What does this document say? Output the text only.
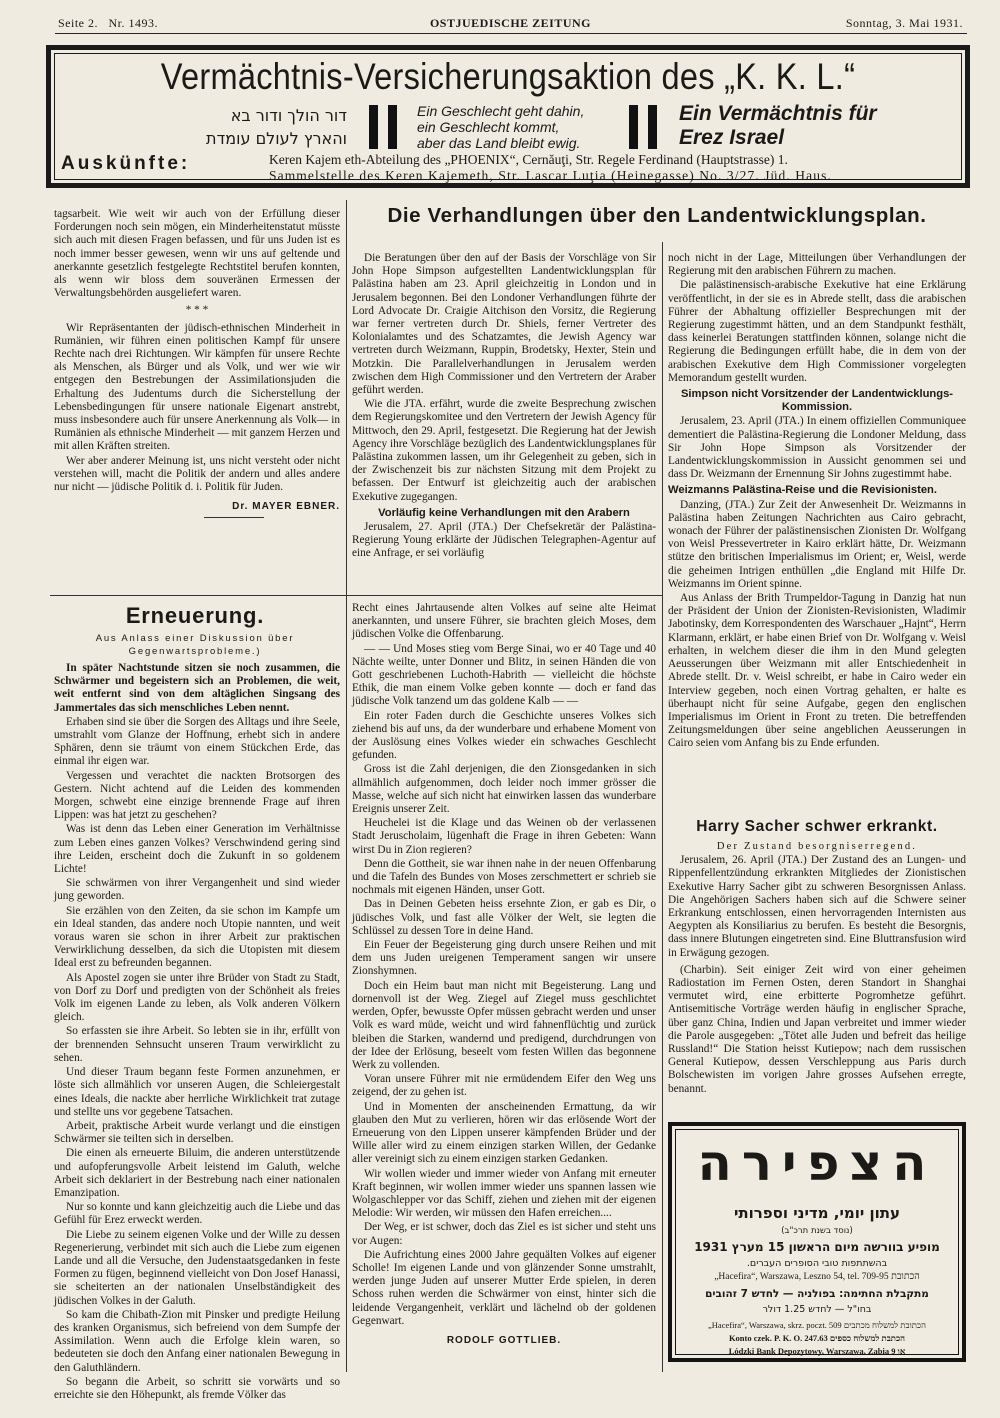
Seite 2. Nr. 1493.	OSTJUEDISCHE ZEITUNG	Sonntag, 3. Mai 1931.
Vermächtnis-Versicherungsaktion des „K. K. L.“
דור הולך ודור בא
והארץ לעולם עומדת
Ein Geschlecht geht dahin,
ein Geschlecht kommt,
aber das Land bleibt ewig.
Ein Vermächtnis für
Erez Israel
Auskünfte:	Keren Kajem eth-Abteilung des „PHOENIX“, Cernăuţi, Str. Regele Ferdinand (Hauptstrasse) 1.
Sammelstelle des Keren Kajemeth, Str. Lascar Luţia (Heinegasse) No. 3/27. Jüd. Haus.

tagsarbeit. Wie weit wir auch von der Erfüllung dieser Forderungen noch sein mögen, ein Minderheitenstatut müsste sich auch mit diesen Fragen befassen, und für uns Juden ist es noch immer besser gewesen, wenn wir uns auf geltende und anerkannte gesetzlich festgelegte Rechtstitel berufen konnten, als wenn wir bloss dem souveränen Ermessen der Verwaltungsbehörden ausgeliefert waren.

* * *

Wir Repräsentanten der jüdisch-ethnischen Minderheit in Rumänien, wir führen einen politischen Kampf für unsere Rechte nach drei Richtungen. Wir kämpfen für unsere Rechte als Menschen, als Bürger und als Volk, und wer wie wir entgegen den Bestrebungen der Assimilationsjuden die Erhaltung des Judentums durch die Sicherstellung der Lebensbedingungen für unsere nationale Eigenart anstrebt, muss insbesondere auch für unsere Anerkennung als Volk— in Rumänien als ethnische Minderheit — mit ganzem Herzen und mit allen Kräften streiten.

Wer aber anderer Meinung ist, uns nicht versteht oder nicht verstehen will, macht die Politik der andern und alles andere nur nicht — jüdische Politik d. i. Politik für Juden.

Dr. MAYER EBNER.
Die Verhandlungen über den Landentwicklungsplan.

Die Beratungen über den auf der Basis der Vorschläge von Sir John Hope Simpson aufgestellten Landentwicklungsplan für Palästina haben am 23. April gleichzeitig in London und in Jerusalem begonnen. Bei den Londoner Verhandlungen führte der Lord Advocate Dr. Craigie Aitchison den Vorsitz, die Regierung war ferner vertreten durch Dr. Shiels, ferner Vertreter des Kolonialamtes und des Schatzamtes, die Jewish Agency war vertreten durch Weizmann, Ruppin, Brodetsky, Hexter, Stein und Motzkin. Die Parallelverhandlungen in Jerusalem werden zwischen dem High Commissioner und den Vertretern der Araber geführt werden.

Wie die JTA. erfährt, wurde die zweite Besprechung zwischen dem Regierungskomitee und den Vertretern der Jewish Agency für Mittwoch, den 29. April, festgesetzt. Die Regierung hat der Jewish Agency ihre Vorschläge bezüglich des Landentwicklungsplanes für Palästina zukommen lassen, um ihr Gelegenheit zu geben, sich in der Zwischenzeit bis zur nächsten Sitzung mit dem Projekt zu befassen. Der Entwurf ist gleichzeitig auch der arabischen Exekutive zugegangen.

Vorläufig keine Verhandlungen mit den Arabern

Jerusalem, 27. April (JTA.) Der Chefsekretär der Palästina-Regierung Young erklärte der Jüdischen Telegraphen-Agentur auf eine Anfrage, er sei vorläufig

noch nicht in der Lage, Mitteilungen über Verhandlungen der Regierung mit den arabischen Führern zu machen.

Die palästinensisch-arabische Exekutive hat eine Erklärung veröffentlicht, in der sie es in Abrede stellt, dass die arabischen Führer der Abhaltung offizieller Besprechungen mit der Regierung zugestimmt hätten, und an dem Standpunkt festhält, dass keinerlei Beratungen stattfinden können, solange nicht die Regierung die Bedingungen erfüllt habe, die in dem von der arabischen Exekutive dem High Commissioner vorgelegten Memorandum gestellt wurden.

Simpson nicht Vorsitzender der Landentwicklungs-Kommission.

Jerusalem, 23. April (JTA.) In einem offiziellen Communiquee dementiert die Palästina-Regierung die Londoner Meldung, dass Sir John Hope Simpson als Vorsitzender der Landentwicklungskommission in Aussicht genommen sei und dass Dr. Weizmann der Ernennung Sir Johns zugestimmt habe.

Weizmanns Palästina-Reise und die Revisionisten.

Danzing, (JTA.) Zur Zeit der Anwesenheit Dr. Weizmanns in Palästina haben Zeitungen Nachrichten aus Cairo gebracht, wonach der Führer der palästinensischen Zionisten Dr. Wolfgang von Weisl Pressevertreter in Kairo erklärt hätte, Dr. Weizmann stütze den britischen Imperialismus im Orient; er, Weisl, werde die geheimen Intrigen enthüllen „die England mit Hilfe Dr. Weizmanns im Orient spinne.

Aus Anlass der Brith Trumpeldor-Tagung in Danzig hat nun der Präsident der Union der Zionisten-Revisionisten, Wladimir Jabotinsky, dem Korrespondenten des Warschauer „Hajnt“, Herrn Klarmann, erklärt, er habe einen Brief von Dr. Wolfgang v. Weisl erhalten, in welchem dieser die ihm in den Mund gelegten Aeusserungen über Weizmann mit aller Entschiedenheit in Abrede stellt. Dr. v. Weisl schreibt, er habe in Cairo weder ein Interview gegeben, noch einen Vortrag gehalten, er halte es überhaupt nicht für seine Aufgabe, gegen den englischen Imperialismus im Orient in Front zu treten. Die betreffenden Zeitungsmeldungen über seine angeblichen Aeusserungen in Cairo seien vom Anfang bis zu Ende erfunden.

Harry Sacher schwer erkrankt.

Der Zustand besorgniserregend.

Jerusalem, 26. April (JTA.) Der Zustand des an Lungen- und Rippenfellentzündung erkrankten Mitgliedes der Zionistischen Exekutive Harry Sacher gibt zu schweren Besorgnissen Anlass. Die Angehörigen Sachers haben sich auf die Schwere seiner Erkrankung entschlossen, einen hervorragenden Internisten aus Aegypten als Konsiliarius zu berufen. Es besteht die Besorgnis, dass innere Blutungen eingetreten sind. Eine Bluttransfusion wird in Erwägung gezogen.

(Charbin). Seit einiger Zeit wird von einer geheimen Radiostation im Fernen Osten, deren Standort in Shanghai vermutet wird, eine erbitterte Pogromhetze geführt. Antisemitische Vorträge werden häufig in englischer Sprache, über ganz China, Indien und Japan verbreitet und immer wieder die Parole ausgegeben: „Tötet alle Juden und befreit das heilige Russland!“ Die Station heisst Kutiepow; nach dem russischen General Kutiepow, dessen Verschleppung aus Paris durch Bolschewisten im vorigen Jahre grosses Aufsehen erregte, benannt.

Erneuerung.
Aus Anlass einer Diskussion über Gegenwartsprobleme.)

In später Nachtstunde sitzen sie noch zusammen, die Schwärmer und begeistern sich an Problemen, die weit, weit entfernt sind von dem altäglichen Singsang des Jammertales das sich menschliches Leben nennt.

Erhaben sind sie über die Sorgen des Alltags und ihre Seele, umstrahlt vom Glanze der Hoffnung, erhebt sich in andere Sphären, denn sie träumt von einem Stückchen Erde, das einmal ihr eigen war.

Vergessen und verachtet die nackten Brotsorgen des Gestern. Nicht achtend auf die Leiden des kommenden Morgen, schwebt eine einzige brennende Frage auf ihren Lippen: was hat jetzt zu geschehen?

Was ist denn das Leben einer Generation im Verhältnisse zum Leben eines ganzen Volkes? Verschwindend gering sind ihre Leiden, erscheint doch die Zukunft in so goldenem Lichte!

Sie schwärmen von ihrer Vergangenheit und sind wieder jung geworden.

Sie erzählen von den Zeiten, da sie schon im Kampfe um ein Ideal standen, das andere noch Utopie nannten, und weit voraus waren sie schon in ihrer Arbeit zur praktischen Verwirklichung desselben, da sich die Utopisten mit diesem Ideal erst zu befreunden begannen.

Als Apostel zogen sie unter ihre Brüder von Stadt zu Stadt, von Dorf zu Dorf und predigten von der Schönheit als freies Volk im eigenen Lande zu leben, als Volk anderen Völkern gleich.

So erfassten sie ihre Arbeit. So lebten sie in ihr, erfüllt von der brennenden Sehnsucht unseren Traum verwirklicht zu sehen.

Und dieser Traum begann feste Formen anzunehmen, er löste sich allmählich vor unseren Augen, die Schleiergestalt eines Ideals, die nackte aber herrliche Wirklichkeit trat zutage und stellte uns vor gegebene Tatsachen.

Arbeit, praktische Arbeit wurde verlangt und die einstigen Schwärmer sie teilten sich in derselben.

Die einen als erneuerte Biluim, die anderen unterstützende und aufopferungsvolle Arbeit leistend im Galuth, welche Arbeit sich deklariert in der Bestrebung nach einer nationalen Emanzipation.

Nur so konnte und kann gleichzeitig auch die Liebe und das Gefühl für Erez erweckt werden.

Die Liebe zu seinem eigenen Volke und der Wille zu dessen Regenerierung, verbindet mit sich auch die Liebe zum eigenen Lande und all die Versuche, den Judenstaatsgedanken in feste Formen zu fügen, beginnend vielleicht von Don Josef Hanassi, sie scheiterten an der nationalen Unselbständigkeit des jüdischen Volkes in der Galuth.

So kam die Chibath-Zion mit Pinsker und predigte Heilung des kranken Organismus, sich befreiend von dem Sumpfe der Assimilation. Wenn auch die Erfolge klein waren, so bedeuteten sie doch den Anfang einer nationalen Bewegung in den Galuthländern.

So begann die Arbeit, so schritt sie vorwärts und so erreichte sie den Höhepunkt, als fremde Völker das

Recht eines Jahrtausende alten Volkes auf seine alte Heimat anerkannten, und unsere Führer, sie brachten gleich Moses, dem jüdischen Volke die Offenbarung.

— — Und Moses stieg vom Berge Sinai, wo er 40 Tage und 40 Nächte weilte, unter Donner und Blitz, in seinen Händen die von Gott geschriebenen Luchoth-Habrith — vielleicht die höchste Ethik, die man einem Volke geben konnte — doch er fand das jüdische Volk tanzend um das goldene Kalb — —

Ein roter Faden durch die Geschichte unseres Volkes sich ziehend bis auf uns, da der wunderbare und erhabene Moment von der Auslösung eines Volkes wieder ein schwaches Geschlecht gefunden.

Gross ist die Zahl derjenigen, die den Zionsgedanken in sich allmählich aufgenommen, doch leider noch immer grösser die Masse, welche auf sich nicht hat einwirken lassen das wunderbare Ereignis unserer Zeit.

Heuchelei ist die Klage und das Weinen ob der verlassenen Stadt Jeruscholaim, lügenhaft die Frage in ihren Gebeten: Wann wirst Du in Zion regieren?

Denn die Gottheit, sie war ihnen nahe in der neuen Offenbarung und die Tafeln des Bundes von Moses zerschmettert er schrieb sie nochmals mit eigenen Händen, unser Gott.

Das in Deinen Gebeten heiss ersehnte Zion, er gab es Dir, o jüdisches Volk, und fast alle Völker der Welt, sie legten die Schlüssel zu dessen Tore in deine Hand.

Ein Feuer der Begeisterung ging durch unsere Reihen und mit dem uns Juden ureigenen Temperament sangen wir unsere Zionshymnen.

Doch ein Heim baut man nicht mit Begeisterung. Lang und dornenvoll ist der Weg. Ziegel auf Ziegel muss geschlichtet werden, Opfer, bewusste Opfer müssen gebracht werden und unser Volk es ward müde, weicht und wird fahnenflüchtig und zurück bleiben die Starken, wandernd und predigend, durchdrungen von der Idee der Erlösung, beseelt vom festen Willen das begonnene Werk zu vollenden.

Voran unsere Führer mit nie ermüdendem Eifer den Weg uns zeigend, der zu gehen ist.

Und in Momenten der anscheinenden Ermattung, da wir glauben den Mut zu verlieren, hören wir das erlösende Wort der Erneuerung von den Lippen unserer kämpfenden Brüder und der Wille aller wird zu einem einzigen starken Willen, der Gedanke aller vereinigt sich zu einem einzigen starken Gedanken.

Wir wollen wieder und immer wieder von Anfang mit erneuter Kraft beginnen, wir wollen immer wieder uns spannen lassen wie Wolgaschlepper vor das Schiff, ziehen und ziehen mit der eigenen Melodie: Wir werden, wir müssen den Hafen erreichen....

Der Weg, er ist schwer, doch das Ziel es ist sicher und steht uns vor Augen:

Die Aufrichtung eines 2000 Jahre gequälten Volkes auf eigener Scholle! Im eigenen Lande und von glänzender Sonne umstrahlt, werden junge Juden auf unserer Mutter Erde spielen, in deren Schoss ruhen werden die Schwärmer von einst, hinter sich die leidende Vergangenheit, verklärt und lächelnd ob der goldenen Gegenwart.

RODOLF GOTTLIEB.
הצפירה
עתון יומי, מדיני וספרותי
(נוסד בשנת תרכ"ב)
מופיע בוורשה מיום הראשון 15 מערץ 1931
בהשתתפות טובי הסופרים העברים.
„Hacefira“, Warszawa, Leszno 54, tel. 709-95 הכתובת
מתקבלת החתימה: בפולניה — לחדש 7 זהובים
בחו"ל — לחדש 1.25 דולר
„Hacefira“, Warszawa, skrz. poczt. 509 הכתובת למשלוח מכתבים
Konto czek. P. K. O. 247.63 הכתבת למשלוח כספים
Lódzki Bank Depozytowy, Warszawa, Zabia 9 או
